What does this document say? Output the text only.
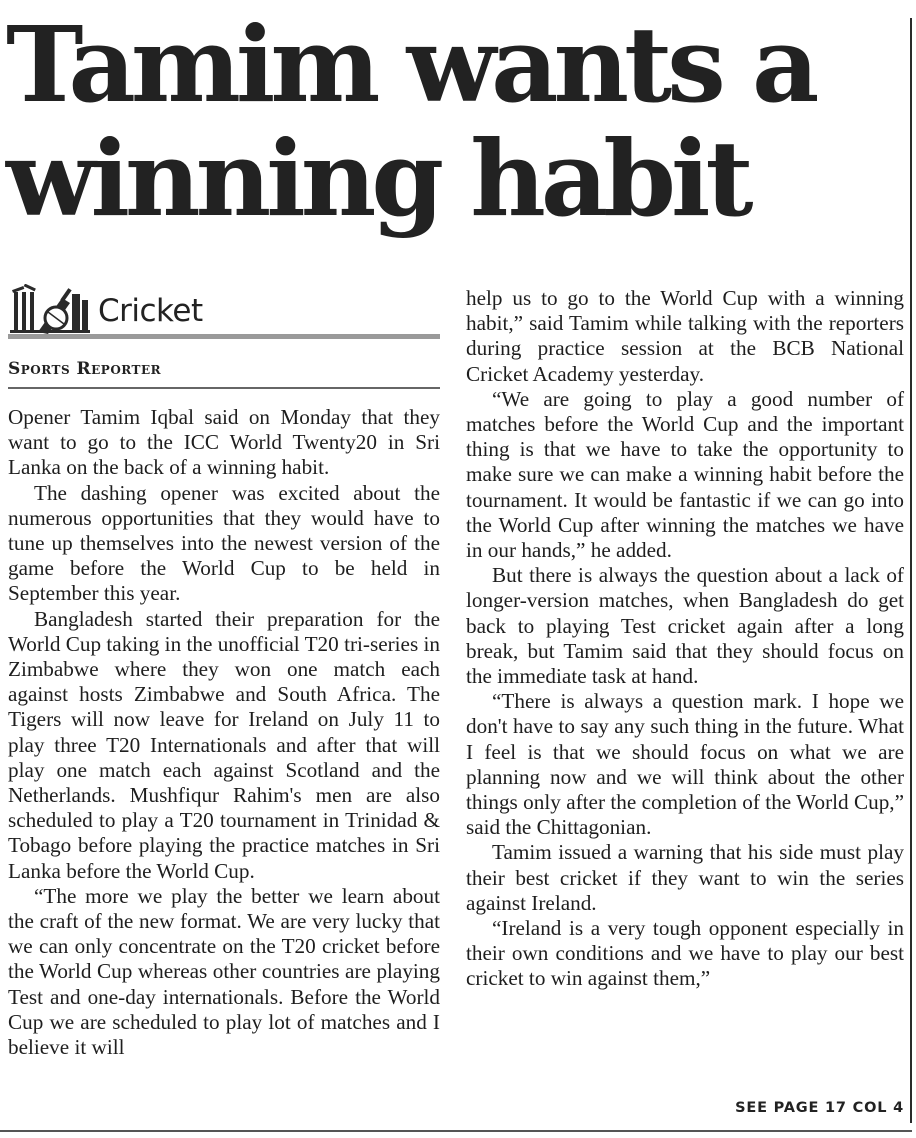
Tamim wants a winning habit
Cricket
Sports Reporter

Opener Tamim Iqbal said on Monday that they want to go to the ICC World Twenty20 in Sri Lanka on the back of a winning habit.

The dashing opener was excited about the numerous opportunities that they would have to tune up themselves into the newest version of the game before the World Cup to be held in September this year.

Bangladesh started their preparation for the World Cup taking in the unofficial T20 tri-series in Zimbabwe where they won one match each against hosts Zimbabwe and South Africa. The Tigers will now leave for Ireland on July 11 to play three T20 Internationals and after that will play one match each against Scotland and the Netherlands. Mushfiqur Rahim's men are also scheduled to play a T20 tournament in Trinidad & Tobago before playing the practice matches in Sri Lanka before the World Cup.

“The more we play the better we learn about the craft of the new format. We are very lucky that we can only concentrate on the T20 cricket before the World Cup whereas other countries are playing Test and one-day internationals. Before the World Cup we are scheduled to play lot of matches and I believe it will

help us to go to the World Cup with a winning habit,” said Tamim while talking with the reporters during practice session at the BCB National Cricket Academy yesterday.

“We are going to play a good number of matches before the World Cup and the important thing is that we have to take the opportunity to make sure we can make a winning habit before the tournament. It would be fantastic if we can go into the World Cup after winning the matches we have in our hands,” he added.

But there is always the question about a lack of longer-version matches, when Bangladesh do get back to playing Test cricket again after a long break, but Tamim said that they should focus on the immediate task at hand.

“There is always a question mark. I hope we don't have to say any such thing in the future. What I feel is that we should focus on what we are planning now and we will think about the other things only after the completion of the World Cup,” said the Chittagonian.

Tamim issued a warning that his side must play their best cricket if they want to win the series against Ireland.

“Ireland is a very tough opponent especially in their own conditions and we have to play our best cricket to win against them,”

SEE PAGE 17 COL 4
